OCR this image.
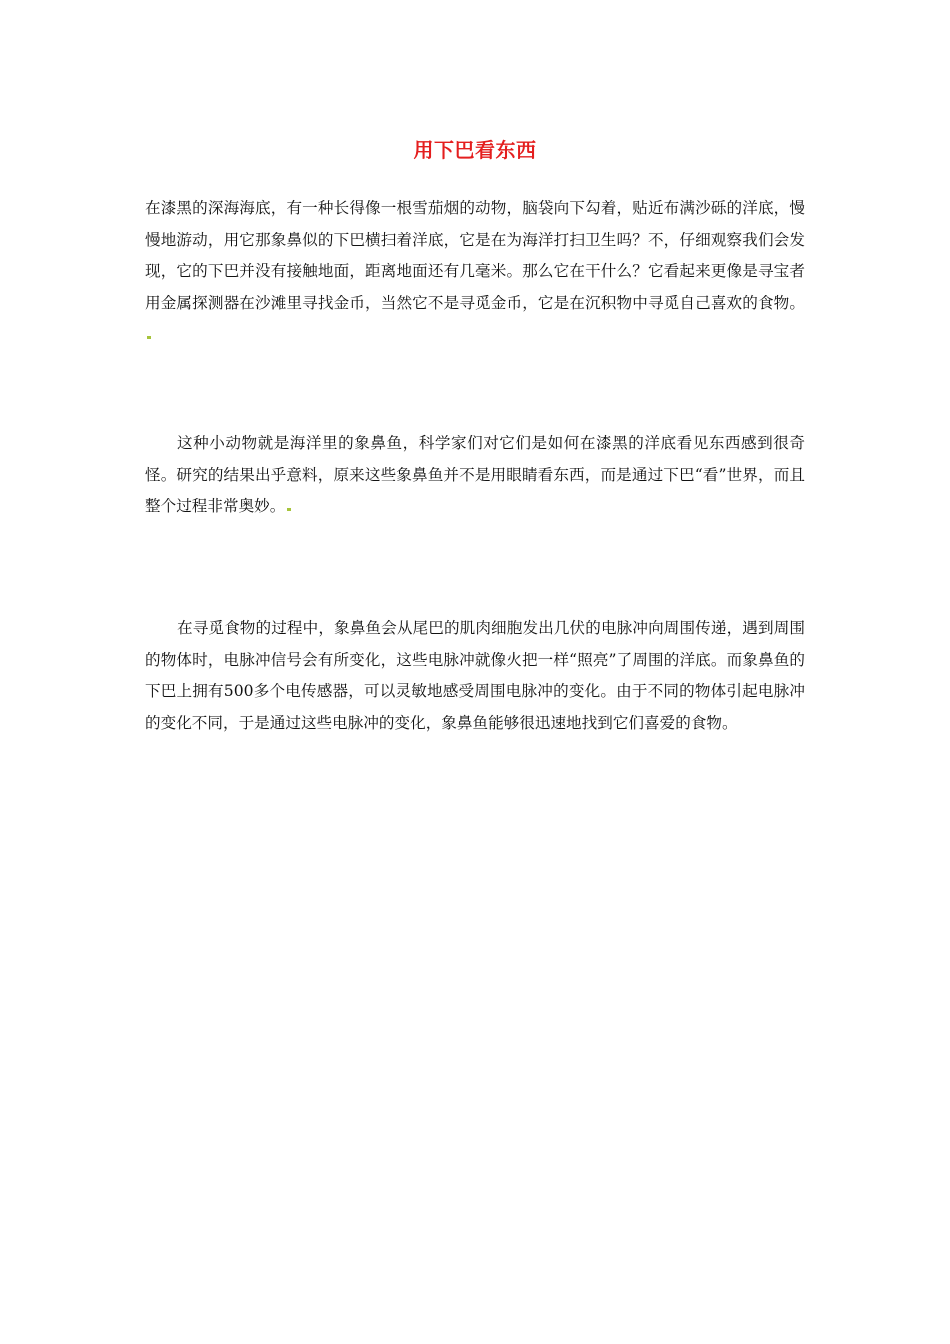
用下巴看东西

在漆黑的深海海底，有一种长得像一根雪茄烟的动物，脑袋向下勾着，贴近布满沙砾的洋底，慢慢地游动，用它那象鼻似的下巴横扫着洋底，它是在为海洋打扫卫生吗？不，仔细观察我们会发现，它的下巴并没有接触地面，距离地面还有几毫米。那么它在干什么？它看起来更像是寻宝者用金属探测器在沙滩里寻找金币，当然它不是寻觅金币，它是在沉积物中寻觅自己喜欢的食物。

这种小动物就是海洋里的象鼻鱼，科学家们对它们是如何在漆黑的洋底看见东西感到很奇怪。研究的结果出乎意料，原来这些象鼻鱼并不是用眼睛看东西，而是通过下巴“看”世界，而且整个过程非常奥妙。

在寻觅食物的过程中，象鼻鱼会从尾巴的肌肉细胞发出几伏的电脉冲向周围传递，遇到周围的物体时，电脉冲信号会有所变化，这些电脉冲就像火把一样“照亮”了周围的洋底。而象鼻鱼的下巴上拥有500多个电传感器，可以灵敏地感受周围电脉冲的变化。由于不同的物体引起电脉冲的变化不同，于是通过这些电脉冲的变化，象鼻鱼能够很迅速地找到它们喜爱的食物。
